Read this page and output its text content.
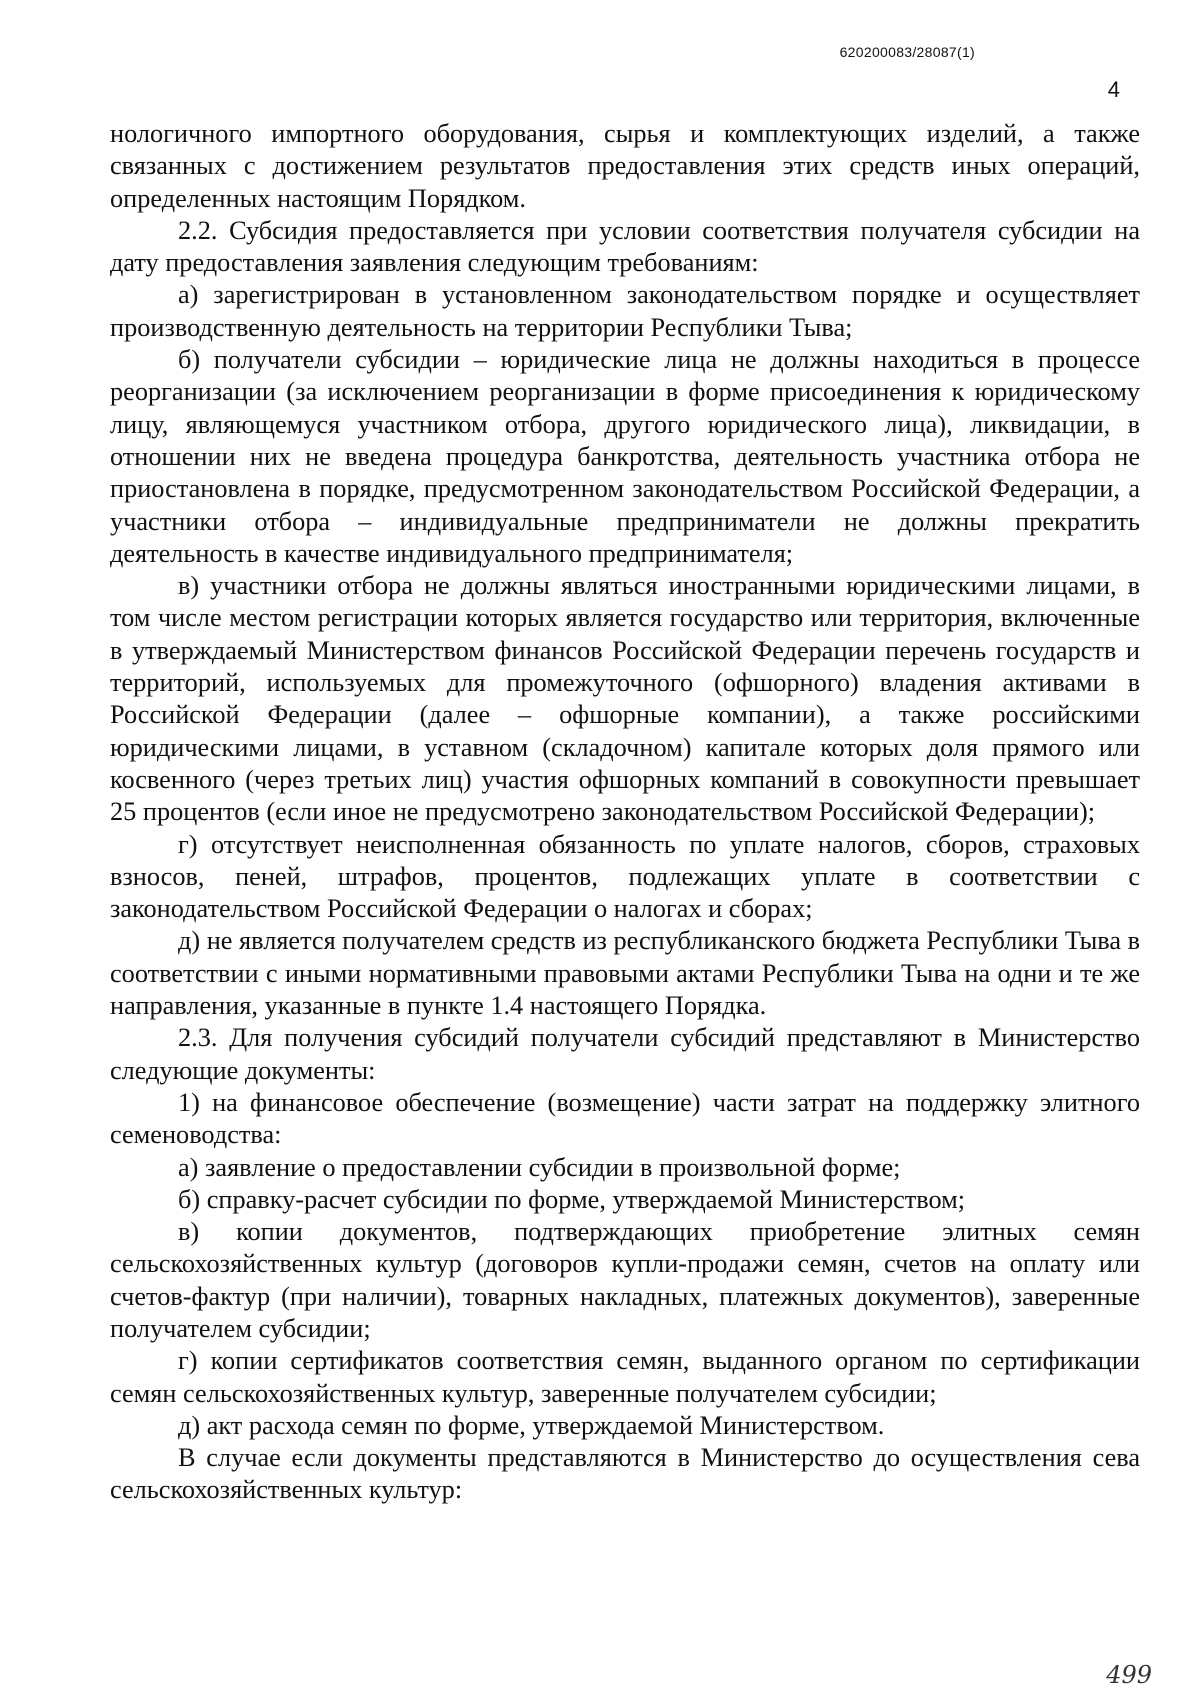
620200083/28087(1)
4

нологичного импортного оборудования, сырья и комплектующих изделий, а также связанных с достижением результатов предоставления этих средств иных операций, определенных настоящим Порядком.

2.2. Субсидия предоставляется при условии соответствия получателя субсидии на дату предоставления заявления следующим требованиям:

а) зарегистрирован в установленном законодательством порядке и осуществляет производственную деятельность на территории Республики Тыва;

б) получатели субсидии – юридические лица не должны находиться в процессе реорганизации (за исключением реорганизации в форме присоединения к юридическому лицу, являющемуся участником отбора, другого юридического лица), ликвидации, в отношении них не введена процедура банкротства, деятельность участника отбора не приостановлена в порядке, предусмотренном законодательством Российской Федерации, а участники отбора – индивидуальные предприниматели не должны прекратить деятельность в качестве индивидуального предпринимателя;

в) участники отбора не должны являться иностранными юридическими лицами, в том числе местом регистрации которых является государство или территория, включенные в утверждаемый Министерством финансов Российской Федерации перечень государств и территорий, используемых для промежуточного (офшорного) владения активами в Российской Федерации (далее – офшорные компании), а также российскими юридическими лицами, в уставном (складочном) капитале которых доля прямого или косвенного (через третьих лиц) участия офшорных компаний в совокупности превышает 25 процентов (если иное не предусмотрено законодательством Российской Федерации);

г) отсутствует неисполненная обязанность по уплате налогов, сборов, страховых взносов, пеней, штрафов, процентов, подлежащих уплате в соответствии с законодательством Российской Федерации о налогах и сборах;

д) не является получателем средств из республиканского бюджета Республики Тыва в соответствии с иными нормативными правовыми актами Республики Тыва на одни и те же направления, указанные в пункте 1.4 настоящего Порядка.

2.3. Для получения субсидий получатели субсидий представляют в Министерство следующие документы:

1) на финансовое обеспечение (возмещение) части затрат на поддержку элитного семеноводства:

а) заявление о предоставлении субсидии в произвольной форме;

б) справку-расчет субсидии по форме, утверждаемой Министерством;

в) копии документов, подтверждающих приобретение элитных семян сельскохозяйственных культур (договоров купли-продажи семян, счетов на оплату или счетов-фактур (при наличии), товарных накладных, платежных документов), заверенные получателем субсидии;

г) копии сертификатов соответствия семян, выданного органом по сертификации семян сельскохозяйственных культур, заверенные получателем субсидии;

д) акт расхода семян по форме, утверждаемой Министерством.

В случае если документы представляются в Министерство до осуществления сева сельскохозяйственных культур:

499
